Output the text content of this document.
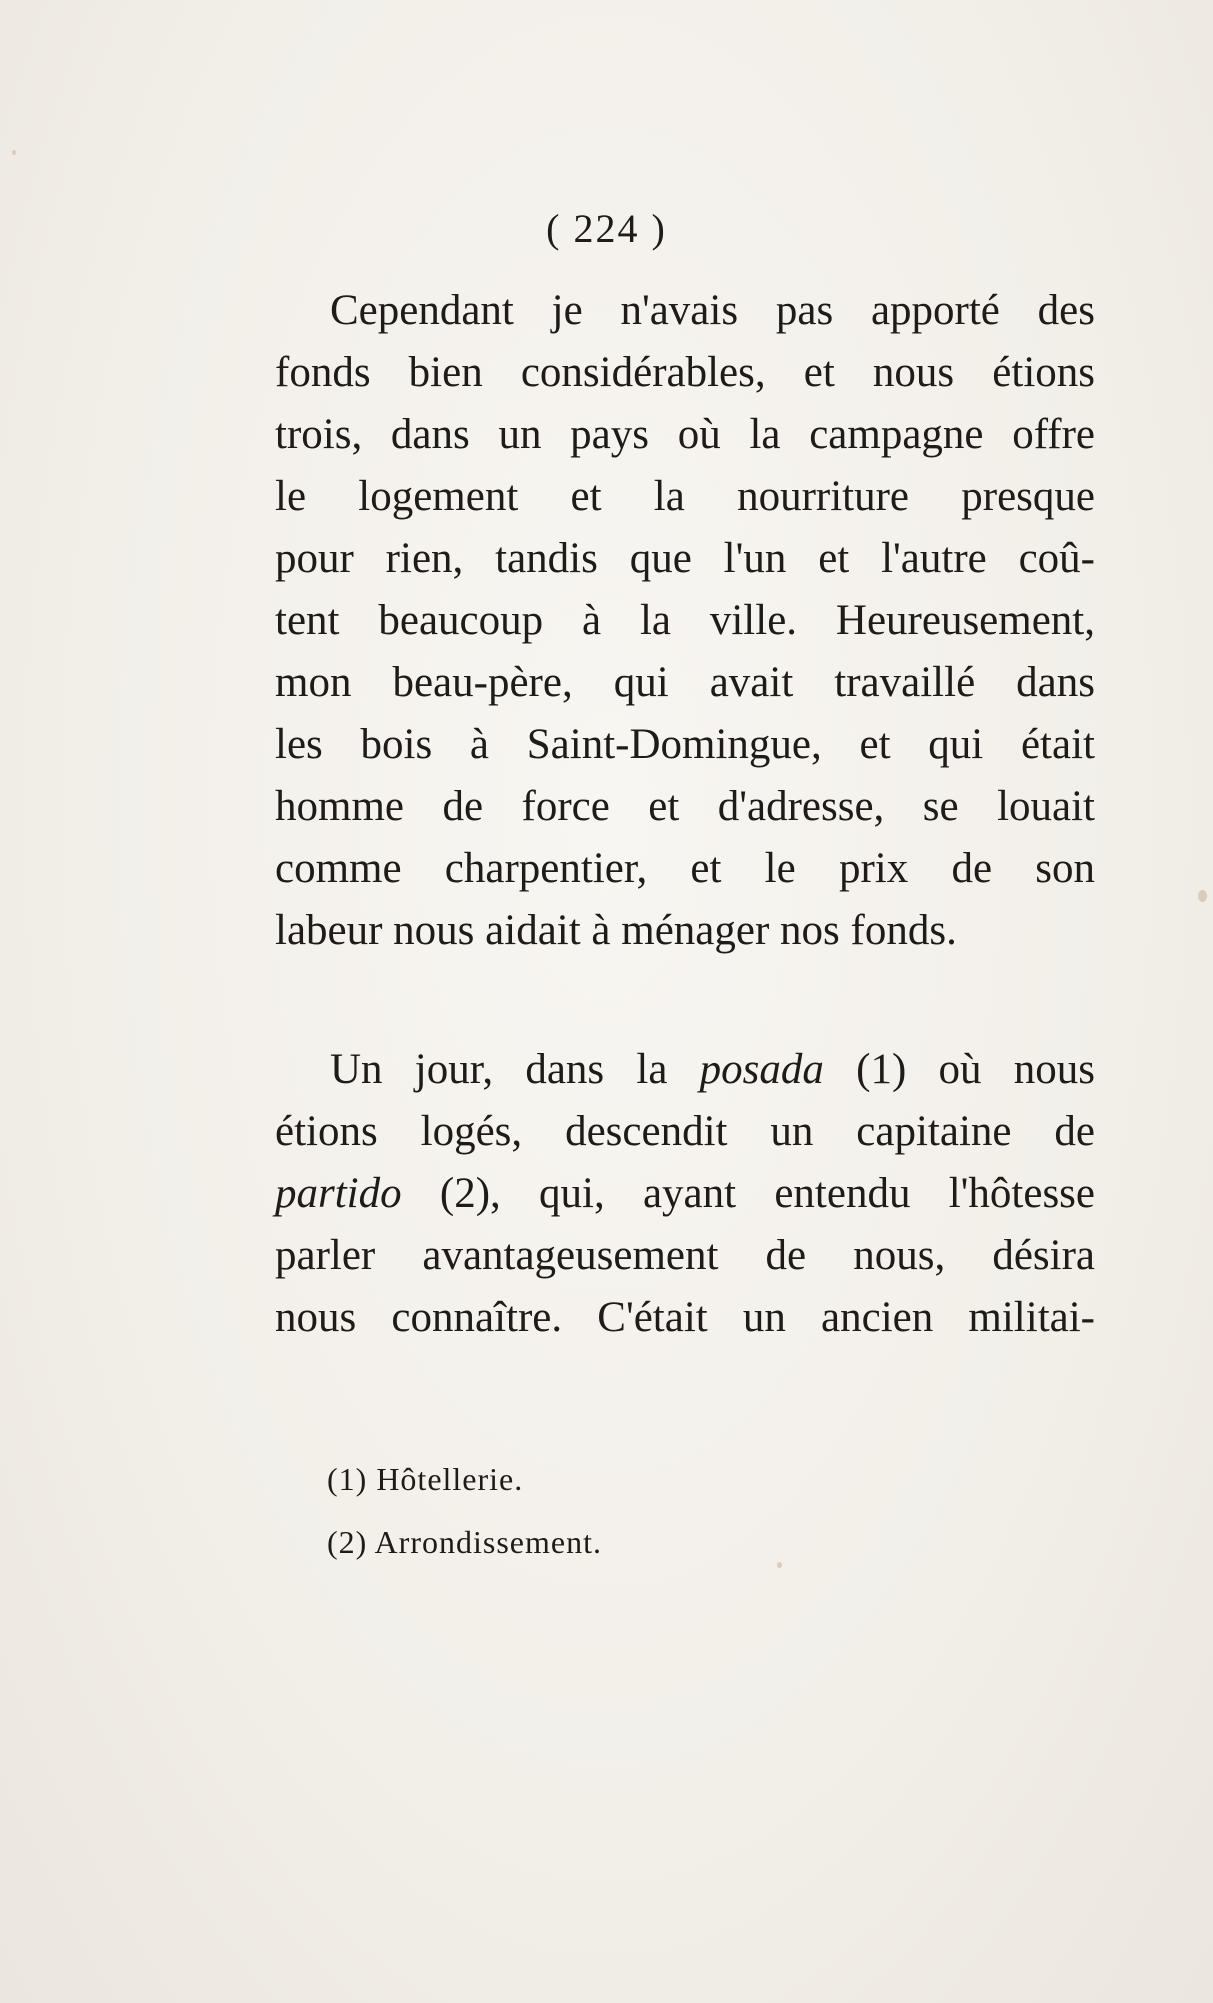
( 224 )
Cependant je n'avais pas apporté des
fonds bien considérables, et nous étions
trois, dans un pays où la campagne offre
le logement et la nourriture presque
pour rien, tandis que l'un et l'autre coû-
tent beaucoup à la ville. Heureusement,
mon beau-père, qui avait travaillé dans
les bois à Saint-Domingue, et qui était
homme de force et d'adresse, se louait
comme charpentier, et le prix de son
labeur nous aidait à ménager nos fonds.
Un jour, dans la posada (1) où nous
étions logés, descendit un capitaine de
partido (2), qui, ayant entendu l'hôtesse
parler avantageusement de nous, désira
nous connaître. C'était un ancien militai-
(1) Hôtellerie.
(2) Arrondissement.
